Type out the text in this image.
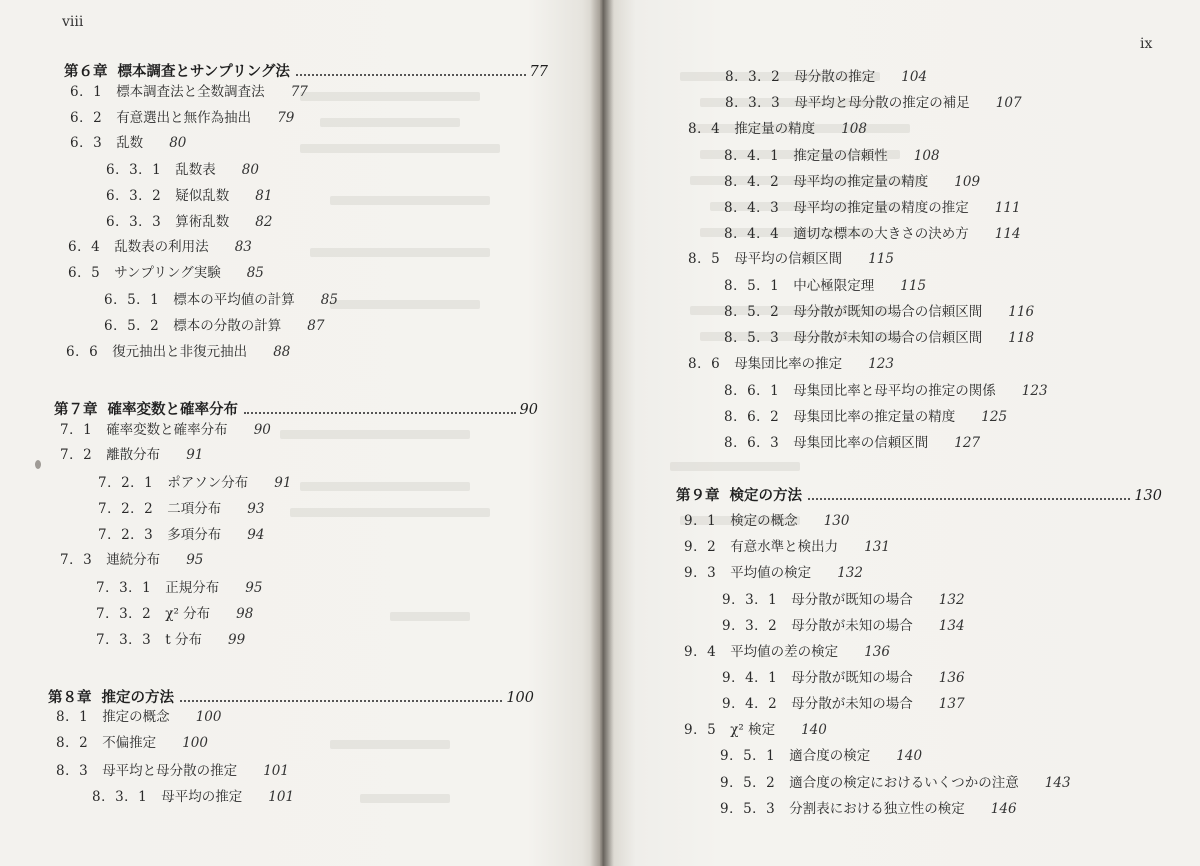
viii
第６章 標本調査とサンプリング法	77
6．1 標本調査法と全数調査法 77
6．2 有意選出と無作為抽出 79
6．3 乱数 80
6．3．1 乱数表 80
6．3．2 疑似乱数 81
6．3．3 算術乱数 82
6．4 乱数表の利用法 83
6．5 サンプリング実験 85
6．5．1 標本の平均値の計算 85
6．5．2 標本の分散の計算 87
6．6 復元抽出と非復元抽出 88
第７章 確率変数と確率分布	90
7．1 確率変数と確率分布 90
7．2 離散分布 91
7．2．1 ポアソン分布 91
7．2．2 二項分布 93
7．2．3 多項分布 94
7．3 連続分布 95
7．3．1 正規分布 95
7．3．2 χ² 分布 98
7．3．3 t 分布 99
第８章 推定の方法	100
8．1 推定の概念 100
8．2 不偏推定 100
8．3 母平均と母分散の推定 101
8．3．1 母平均の推定 101
ix
8．3．2 母分散の推定 104
8．3．3 母平均と母分散の推定の補足 107
8．4 推定量の精度 108
8．4．1 推定量の信頼性 108
8．4．2 母平均の推定量の精度 109
8．4．3 母平均の推定量の精度の推定 111
8．4．4 適切な標本の大きさの決め方 114
8．5 母平均の信頼区間 115
8．5．1 中心極限定理 115
8．5．2 母分散が既知の場合の信頼区間 116
8．5．3 母分散が未知の場合の信頼区間 118
8．6 母集団比率の推定 123
8．6．1 母集団比率と母平均の推定の関係 123
8．6．2 母集団比率の推定量の精度 125
8．6．3 母集団比率の信頼区間 127
第９章 検定の方法	130
9．1 検定の概念 130
9．2 有意水準と検出力 131
9．3 平均値の検定 132
9．3．1 母分散が既知の場合 132
9．3．2 母分散が未知の場合 134
9．4 平均値の差の検定 136
9．4．1 母分散が既知の場合 136
9．4．2 母分散が未知の場合 137
9．5 χ² 検定 140
9．5．1 適合度の検定 140
9．5．2 適合度の検定におけるいくつかの注意 143
9．5．3 分割表における独立性の検定 146
